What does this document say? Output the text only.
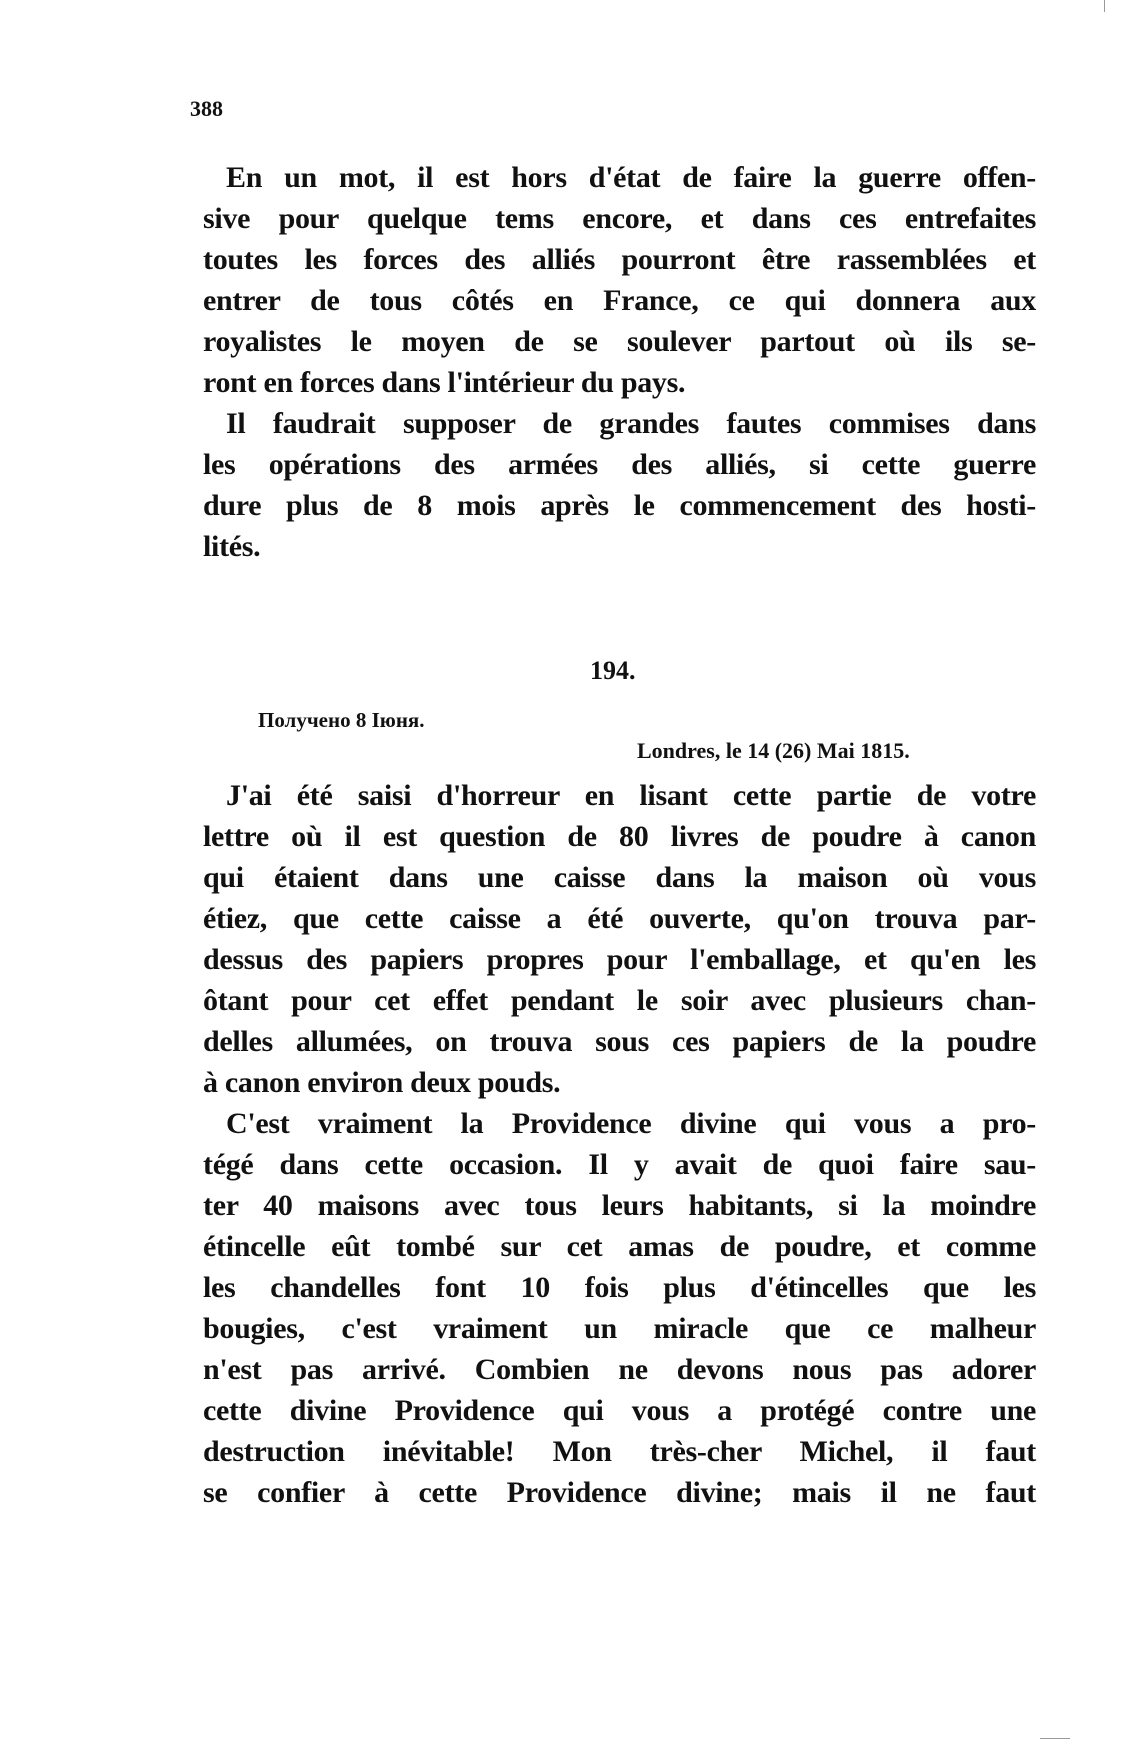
388
194.
Получено 8 Іюня.
Londres, le 14 (26) Mai 1815.
En un mot, il est hors d'état de faire la guerre offen-
sive pour quelque tems encore, et dans ces entrefaites
toutes les forces des alliés pourront être rassemblées et
entrer de tous côtés en France, ce qui donnera aux
royalistes le moyen de se soulever partout où ils se-
ront en forces dans l'intérieur du pays.
Il faudrait supposer de grandes fautes commises dans
les opérations des armées des alliés, si cette guerre
dure plus de 8 mois après le commencement des hosti-
lités.
J'ai été saisi d'horreur en lisant cette partie de votre
lettre où il est question de 80 livres de poudre à canon
qui étaient dans une caisse dans la maison où vous
étiez, que cette caisse a été ouverte, qu'on trouva par-
dessus des papiers propres pour l'emballage, et qu'en les
ôtant pour cet effet pendant le soir avec plusieurs chan-
delles allumées, on trouva sous ces papiers de la poudre
à canon environ deux pouds.
C'est vraiment la Providence divine qui vous a pro-
tégé dans cette occasion. Il y avait de quoi faire sau-
ter 40 maisons avec tous leurs habitants, si la moindre
étincelle eût tombé sur cet amas de poudre, et comme
les chandelles font 10 fois plus d'étincelles que les
bougies, c'est vraiment un miracle que ce malheur
n'est pas arrivé. Combien ne devons nous pas adorer
cette divine Providence qui vous a protégé contre une
destruction inévitable! Mon très-cher Michel, il faut
se confier à cette Providence divine; mais il ne faut
